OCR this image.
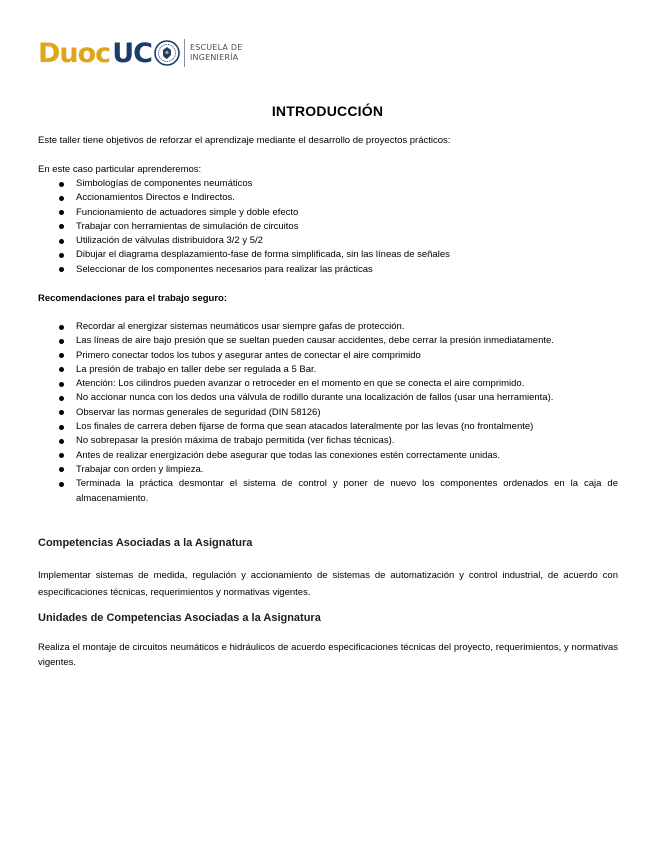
Duoc UC	ESCUELA DE
INGENIERÍA
INTRODUCCIÓN
Este taller tiene objetivos de reforzar el aprendizaje mediante el desarrollo de proyectos prácticos:
En este caso particular aprenderemos:
Simbologías de componentes neumáticos
Accionamientos Directos e Indirectos.
Funcionamiento de actuadores simple y doble efecto
Trabajar con herramientas de simulación de circuitos
Utilización de válvulas distribuidora 3/2 y 5/2
Dibujar el diagrama desplazamiento-fase de forma simplificada, sin las líneas de señales
Seleccionar de los componentes necesarios para realizar las prácticas
Recomendaciones para el trabajo seguro:
Recordar al energizar sistemas neumáticos usar siempre gafas de protección.
Las líneas de aire bajo presión que se sueltan pueden causar accidentes, debe cerrar la presión inmediatamente.
Primero conectar todos los tubos y asegurar antes de conectar el aire comprimido
La presión de trabajo en taller debe ser regulada a 5 Bar.
Atención: Los cilindros pueden avanzar o retroceder en el momento en que se conecta el aire comprimido.
No accionar nunca con los dedos una válvula de rodillo durante una localización de fallos (usar una herramienta).
Observar las normas generales de seguridad (DIN 58126)
Los finales de carrera deben fijarse de forma que sean atacados lateralmente por las levas (no frontalmente)
No sobrepasar la presión máxima de trabajo permitida (ver fichas técnicas).
Antes de realizar energización debe asegurar que todas las conexiones estén correctamente unidas.
Trabajar con orden y limpieza.
Terminada la práctica desmontar el sistema de control y poner de nuevo los componentes ordenados en la caja de almacenamiento.
Competencias Asociadas a la Asignatura
Implementar sistemas de medida, regulación y accionamiento de sistemas de automatización y control industrial, de acuerdo con especificaciones técnicas, requerimientos y normativas vigentes.
Unidades de Competencias Asociadas a la Asignatura
Realiza el montaje de circuitos neumáticos e hidráulicos de acuerdo especificaciones técnicas del proyecto, requerimientos, y normativas vigentes.
